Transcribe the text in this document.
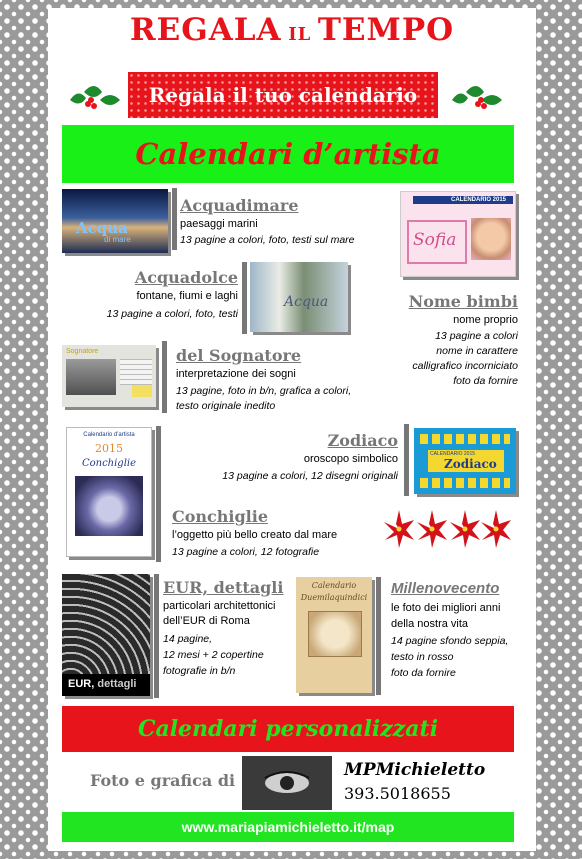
REGALA IL TEMPO
Regala il tuo calendario
Calendari d’artista
Acqua
di mare
Acquadimare
paesaggi marini
13 pagine a colori, foto, testi sul mare
CALENDARIO 2015
Sofia
Acquadolce
fontane, fiumi e laghi
13 pagine a colori, foto, testi
Acqua	Nome bimbi
nome proprio
13 pagine a colori
nome in carattere
calligrafico incorniciato
foto da fornire
Sognatore	del Sognatore
interpretazione dei sogni
13 pagine, foto in b/n, grafica a colori,
testo originale inedito
Calendario d'artista
2015
Conchiglie
Zodiaco
oroscopo simbolico
13 pagine a colori, 12 disegni originali
CALENDARIO 2015
Zodiaco
Conchiglie
l’oggetto più bello creato dal mare
13 pagine a colori, 12 fotografie
EUR, dettagli
EUR, dettagli
particolari architettonici
dell’EUR di Roma
14 pagine,
12 mesi + 2 copertine
fotografie in b/n
Calendario
Duemilaquindici
Millenovecento
le foto dei migliori anni
della nostra vita
14 pagine sfondo seppia,
testo in rosso
foto da fornire
Calendari personalizzati
Foto e grafica di
MPMichieletto
393.5018655
www.mariapiamichieletto.it/map
